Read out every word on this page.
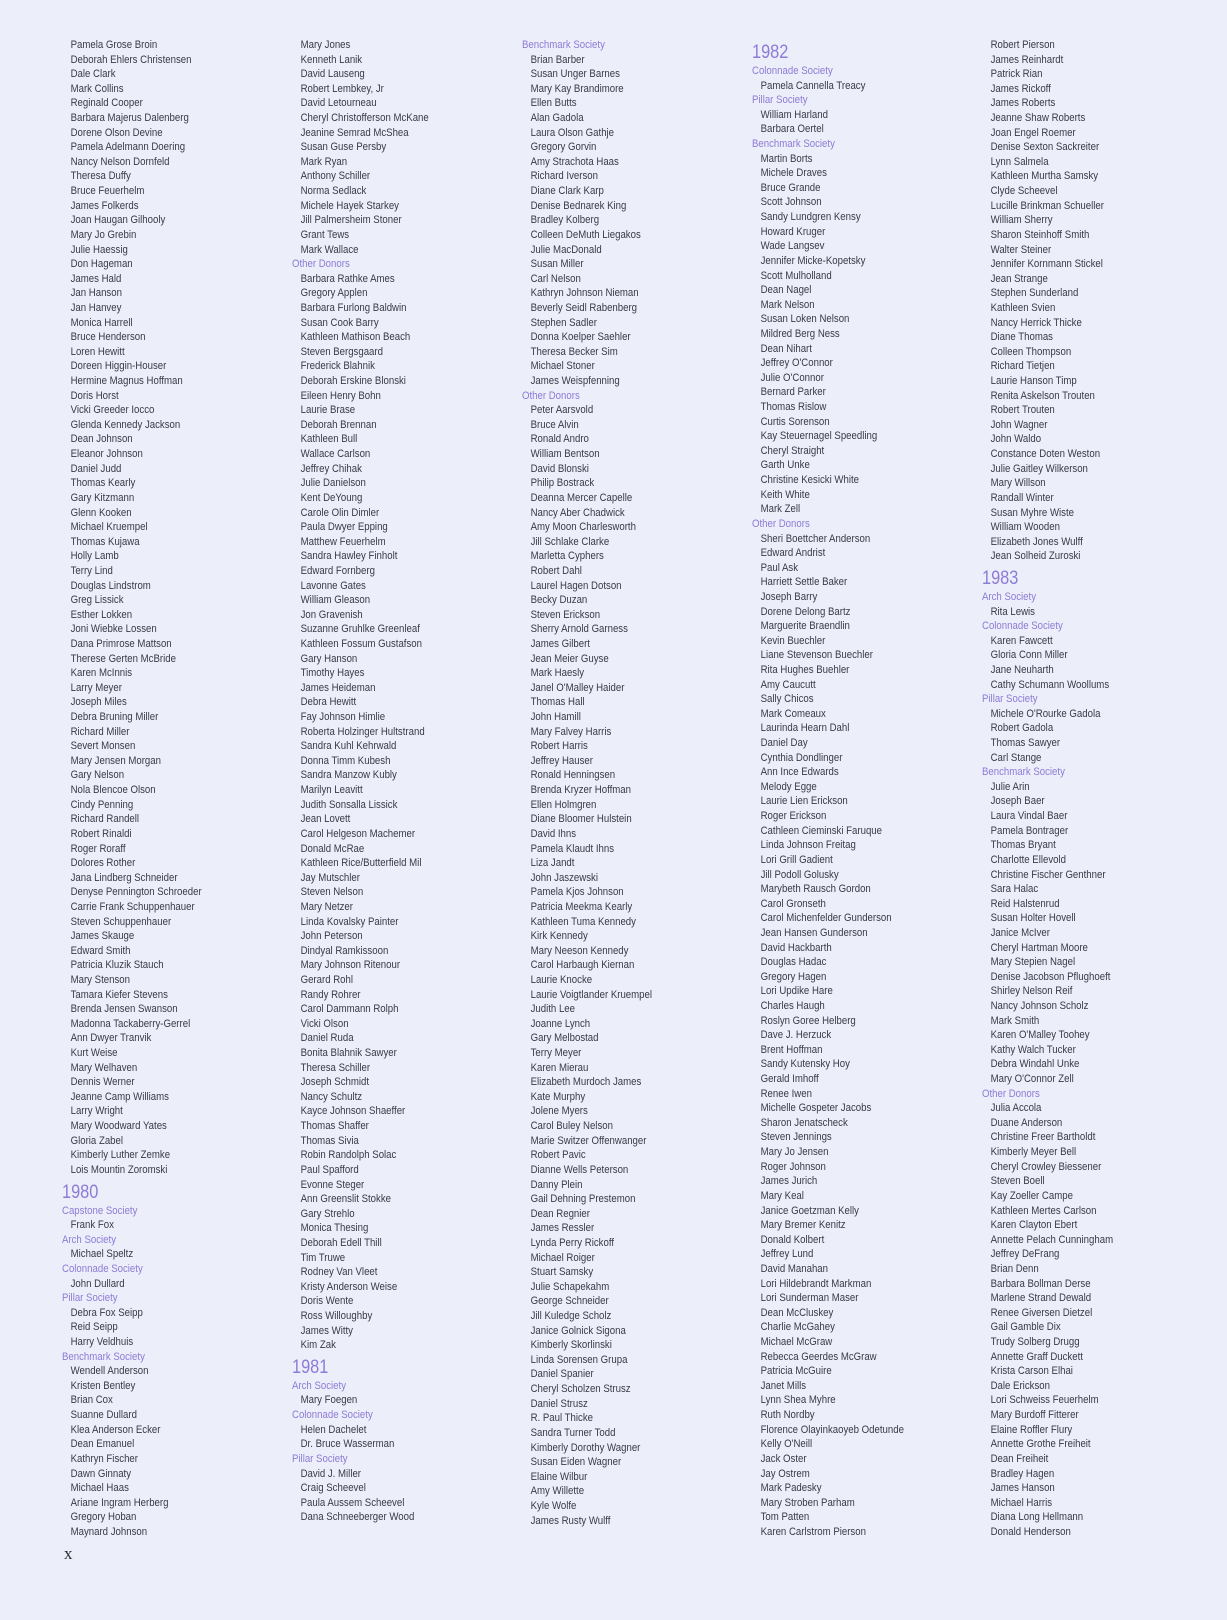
Pamela Grose Broin
Deborah Ehlers Christensen
Dale Clark
Mark Collins
Reginald Cooper
Barbara Majerus Dalenberg
Dorene Olson Devine
Pamela Adelmann Doering
Nancy Nelson Dornfeld
Theresa Duffy
Bruce Feuerhelm
James Folkerds
Joan Haugan Gilhooly
Mary Jo Grebin
Julie Haessig
Don Hageman
James Hald
Jan Hanson
Jan Hanvey
Monica Harrell
Bruce Henderson
Loren Hewitt
Doreen Higgin-Houser
Hermine Magnus Hoffman
Doris Horst
Vicki Greeder Iocco
Glenda Kennedy Jackson
Dean Johnson
Eleanor Johnson
Daniel Judd
Thomas Kearly
Gary Kitzmann
Glenn Kooken
Michael Kruempel
Thomas Kujawa
Holly Lamb
Terry Lind
Douglas Lindstrom
Greg Lissick
Esther Lokken
Joni Wiebke Lossen
Dana Primrose Mattson
Therese Gerten McBride
Karen McInnis
Larry Meyer
Joseph Miles
Debra Bruning Miller
Richard Miller
Severt Monsen
Mary Jensen Morgan
Gary Nelson
Nola Blencoe Olson
Cindy Penning
Richard Randell
Robert Rinaldi
Roger Roraff
Dolores Rother
Jana Lindberg Schneider
Denyse Pennington Schroeder
Carrie Frank Schuppenhauer
Steven Schuppenhauer
James Skauge
Edward Smith
Patricia Kluzik Stauch
Mary Stenson
Tamara Kiefer Stevens
Brenda Jensen Swanson
Madonna Tackaberry-Gerrel
Ann Dwyer Tranvik
Kurt Weise
Mary Welhaven
Dennis Werner
Jeanne Camp Williams
Larry Wright
Mary Woodward Yates
Gloria Zabel
Kimberly Luther Zemke
Lois Mountin Zoromski
1980
Capstone Society
Frank Fox
Arch Society
Michael Speltz
Colonnade Society
John Dullard
Pillar Society
Debra Fox Seipp
Reid Seipp
Harry Veldhuis
Benchmark Society
Wendell Anderson
Kristen Bentley
Brian Cox
Suanne Dullard
Klea Anderson Ecker
Dean Emanuel
Kathryn Fischer
Dawn Ginnaty
Michael Haas
Ariane Ingram Herberg
Gregory Hoban
Maynard Johnson
Mary Jones
Kenneth Lanik
David Lauseng
Robert Lembkey, Jr
David Letourneau
Cheryl Christofferson McKane
Jeanine Semrad McShea
Susan Guse Persby
Mark Ryan
Anthony Schiller
Norma Sedlack
Michele Hayek Starkey
Jill Palmersheim Stoner
Grant Tews
Mark Wallace
Other Donors
Barbara Rathke Ames
Gregory Applen
Barbara Furlong Baldwin
Susan Cook Barry
Kathleen Mathison Beach
Steven Bergsgaard
Frederick Blahnik
Deborah Erskine Blonski
Eileen Henry Bohn
Laurie Brase
Deborah Brennan
Kathleen Bull
Wallace Carlson
Jeffrey Chihak
Julie Danielson
Kent DeYoung
Carole Olin Dimler
Paula Dwyer Epping
Matthew Feuerhelm
Sandra Hawley Finholt
Edward Fornberg
Lavonne Gates
William Gleason
Jon Gravenish
Suzanne Gruhlke Greenleaf
Kathleen Fossum Gustafson
Gary Hanson
Timothy Hayes
James Heideman
Debra Hewitt
Fay Johnson Himlie
Roberta Holzinger Hultstrand
Sandra Kuhl Kehrwald
Donna Timm Kubesh
Sandra Manzow Kubly
Marilyn Leavitt
Judith Sonsalla Lissick
Jean Lovett
Carol Helgeson Machemer
Donald McRae
Kathleen Rice/Butterfield Mil
Jay Mutschler
Steven Nelson
Mary Netzer
Linda Kovalsky Painter
John Peterson
Dindyal Ramkissoon
Mary Johnson Ritenour
Gerard Rohl
Randy Rohrer
Carol Dammann Rolph
Vicki Olson
Daniel Ruda
Bonita Blahnik Sawyer
Theresa Schiller
Joseph Schmidt
Nancy Schultz
Kayce Johnson Shaeffer
Thomas Shaffer
Thomas Sivia
Robin Randolph Solac
Paul Spafford
Evonne Steger
Ann Greenslit Stokke
Gary Strehlo
Monica Thesing
Deborah Edell Thill
Tim Truwe
Rodney Van Vleet
Kristy Anderson Weise
Doris Wente
Ross Willoughby
James Witty
Kim Zak
1981
Arch Society
Mary Foegen
Colonnade Society
Helen Dachelet
Dr. Bruce Wasserman
Pillar Society
David J. Miller
Craig Scheevel
Paula Aussem Scheevel
Dana Schneeberger Wood
Benchmark Society
Brian Barber
Susan Unger Barnes
Mary Kay Brandimore
Ellen Butts
Alan Gadola
Laura Olson Gathje
Gregory Gorvin
Amy Strachota Haas
Richard Iverson
Diane Clark Karp
Denise Bednarek King
Bradley Kolberg
Colleen DeMuth Liegakos
Julie MacDonald
Susan Miller
Carl Nelson
Kathryn Johnson Nieman
Beverly Seidl Rabenberg
Stephen Sadler
Donna Koelper Saehler
Theresa Becker Sim
Michael Stoner
James Weispfenning
Other Donors
Peter Aarsvold
Bruce Alvin
Ronald Andro
William Bentson
David Blonski
Philip Bostrack
Deanna Mercer Capelle
Nancy Aber Chadwick
Amy Moon Charlesworth
Jill Schlake Clarke
Marletta Cyphers
Robert Dahl
Laurel Hagen Dotson
Becky Duzan
Steven Erickson
Sherry Arnold Garness
James Gilbert
Jean Meier Guyse
Mark Haesly
Janel O'Malley Haider
Thomas Hall
John Hamill
Mary Falvey Harris
Robert Harris
Jeffrey Hauser
Ronald Henningsen
Brenda Kryzer Hoffman
Ellen Holmgren
Diane Bloomer Hulstein
David Ihns
Pamela Klaudt Ihns
Liza Jandt
John Jaszewski
Pamela Kjos Johnson
Patricia Meekma Kearly
Kathleen Tuma Kennedy
Kirk Kennedy
Mary Neeson Kennedy
Carol Harbaugh Kiernan
Laurie Knocke
Laurie Voigtlander Kruempel
Judith Lee
Joanne Lynch
Gary Melbostad
Terry Meyer
Karen Mierau
Elizabeth Murdoch James
Kate Murphy
Jolene Myers
Carol Buley Nelson
Marie Switzer Offenwanger
Robert Pavic
Dianne Wells Peterson
Danny Plein
Gail Dehning Prestemon
Dean Regnier
James Ressler
Lynda Perry Rickoff
Michael Roiger
Stuart Samsky
Julie Schapekahm
George Schneider
Jill Kuledge Scholz
Janice Golnick Sigona
Kimberly Skorlinski
Linda Sorensen Grupa
Daniel Spanier
Cheryl Scholzen Strusz
Daniel Strusz
R. Paul Thicke
Sandra Turner Todd
Kimberly Dorothy Wagner
Susan Eiden Wagner
Elaine Wilbur
Amy Willette
Kyle Wolfe
James Rusty Wulff
1982
Colonnade Society
Pamela Cannella Treacy
Pillar Society
William Harland
Barbara Oertel
Benchmark Society
Martin Borts
Michele Draves
Bruce Grande
Scott Johnson
Sandy Lundgren Kensy
Howard Kruger
Wade Langsev
Jennifer Micke-Kopetsky
Scott Mulholland
Dean Nagel
Mark Nelson
Susan Loken Nelson
Mildred Berg Ness
Dean Nihart
Jeffrey O'Connor
Julie O'Connor
Bernard Parker
Thomas Rislow
Curtis Sorenson
Kay Steuernagel Speedling
Cheryl Straight
Garth Unke
Christine Kesicki White
Keith White
Mark Zell
Other Donors
Sheri Boettcher Anderson
Edward Andrist
Paul Ask
Harriett Settle Baker
Joseph Barry
Dorene Delong Bartz
Marguerite Braendlin
Kevin Buechler
Liane Stevenson Buechler
Rita Hughes Buehler
Amy Caucutt
Sally Chicos
Mark Comeaux
Laurinda Hearn Dahl
Daniel Day
Cynthia Dondlinger
Ann Ince Edwards
Melody Egge
Laurie Lien Erickson
Roger Erickson
Cathleen Cieminski Faruque
Linda Johnson Freitag
Lori Grill Gadient
Jill Podoll Golusky
Marybeth Rausch Gordon
Carol Gronseth
Carol Michenfelder Gunderson
Jean Hansen Gunderson
David Hackbarth
Douglas Hadac
Gregory Hagen
Lori Updike Hare
Charles Haugh
Roslyn Goree Helberg
Dave J. Herzuck
Brent Hoffman
Sandy Kutensky Hoy
Gerald Imhoff
Renee Iwen
Michelle Gospeter Jacobs
Sharon Jenatscheck
Steven Jennings
Mary Jo Jensen
Roger Johnson
James Jurich
Mary Keal
Janice Goetzman Kelly
Mary Bremer Kenitz
Donald Kolbert
Jeffrey Lund
David Manahan
Lori Hildebrandt Markman
Lori Sunderman Maser
Dean McCluskey
Charlie McGahey
Michael McGraw
Rebecca Geerdes McGraw
Patricia McGuire
Janet Mills
Lynn Shea Myhre
Ruth Nordby
Florence Olayinkaoyeb Odetunde
Kelly O'Neill
Jack Oster
Jay Ostrem
Mark Padesky
Mary Stroben Parham
Tom Patten
Karen Carlstrom Pierson
Robert Pierson
James Reinhardt
Patrick Rian
James Rickoff
James Roberts
Jeanne Shaw Roberts
Joan Engel Roemer
Denise Sexton Sackreiter
Lynn Salmela
Kathleen Murtha Samsky
Clyde Scheevel
Lucille Brinkman Schueller
William Sherry
Sharon Steinhoff Smith
Walter Steiner
Jennifer Kornmann Stickel
Jean Strange
Stephen Sunderland
Kathleen Svien
Nancy Herrick Thicke
Diane Thomas
Colleen Thompson
Richard Tietjen
Laurie Hanson Timp
Renita Askelson Trouten
Robert Trouten
John Wagner
John Waldo
Constance Doten Weston
Julie Gaitley Wilkerson
Mary Willson
Randall Winter
Susan Myhre Wiste
William Wooden
Elizabeth Jones Wulff
Jean Solheid Zuroski
1983
Arch Society
Rita Lewis
Colonnade Society
Karen Fawcett
Gloria Conn Miller
Jane Neuharth
Cathy Schumann Woollums
Pillar Society
Michele O'Rourke Gadola
Robert Gadola
Thomas Sawyer
Carl Stange
Benchmark Society
Julie Arin
Joseph Baer
Laura Vindal Baer
Pamela Bontrager
Thomas Bryant
Charlotte Ellevold
Christine Fischer Genthner
Sara Halac
Reid Halstenrud
Susan Holter Hovell
Janice McIver
Cheryl Hartman Moore
Mary Stepien Nagel
Denise Jacobson Pflughoeft
Shirley Nelson Reif
Nancy Johnson Scholz
Mark Smith
Karen O'Malley Toohey
Kathy Walch Tucker
Debra Windahl Unke
Mary O'Connor Zell
Other Donors
Julia Accola
Duane Anderson
Christine Freer Bartholdt
Kimberly Meyer Bell
Cheryl Crowley Biessener
Steven Boell
Kay Zoeller Campe
Kathleen Mertes Carlson
Karen Clayton Ebert
Annette Pelach Cunningham
Jeffrey DeFrang
Brian Denn
Barbara Bollman Derse
Marlene Strand Dewald
Renee Giversen Dietzel
Gail Gamble Dix
Trudy Solberg Drugg
Annette Graff Duckett
Krista Carson Elhai
Dale Erickson
Lori Schweiss Feuerhelm
Mary Burdoff Fitterer
Elaine Roffler Flury
Annette Grothe Freiheit
Dean Freiheit
Bradley Hagen
James Hanson
Michael Harris
Diana Long Hellmann
Donald Henderson
x
